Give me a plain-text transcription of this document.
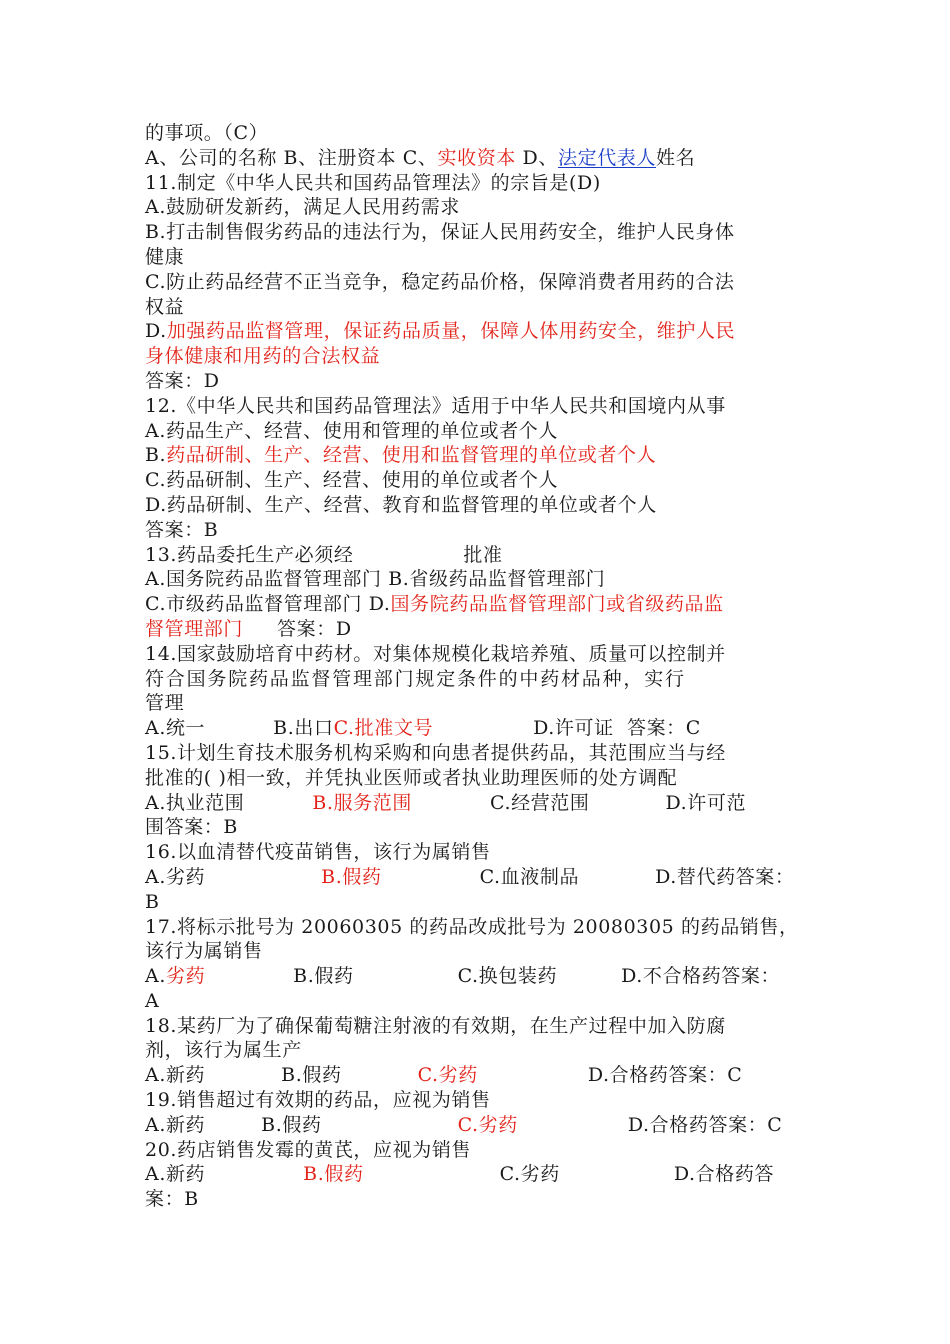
的事项。（C）
A、公司的名称 B、注册资本 C、实收资本 D、法定代表人姓名
11.制定《中华人民共和国药品管理法》的宗旨是(D)
A.鼓励研发新药，满足人民用药需求
B.打击制售假劣药品的违法行为，保证人民用药安全，维护人民身体
健康
C.防止药品经营不正当竞争，稳定药品价格，保障消费者用药的合法
权益
D.加强药品监督管理，保证药品质量，保障人体用药安全，维护人民
身体健康和用药的合法权益
答案：D
12.《中华人民共和国药品管理法》适用于中华人民共和国境内从事
A.药品生产、经营、使用和管理的单位或者个人
B.药品研制、生产、经营、使用和监督管理的单位或者个人
C.药品研制、生产、经营、使用的单位或者个人
D.药品研制、生产、经营、教育和监督管理的单位或者个人
答案：B
13.药品委托生产必须经	批准
A.国务院药品监督管理部门 B.省级药品监督管理部门
C.市级药品监督管理部门 D.国务院药品监督管理部门或省级药品监
督管理部门 答案：D
14.国家鼓励培育中药材。对集体规模化栽培养殖、质量可以控制并
符合国务院药品监督管理部门规定条件的中药材品种，实行
管理
A.统一	B.出口C.批准文号	D.许可证  答案：C
15.计划生育技术服务机构采购和向患者提供药品，其范围应当与经
批准的( )相一致，并凭执业医师或者执业助理医师的处方调配
A.执业范围	B.服务范围	C.经营范围	D.许可范
围答案：B
16.以血清替代疫苗销售，该行为属销售
A.劣药	B.假药	C.血液制品	D.替代药答案：
B
17.将标示批号为 20060305 的药品改成批号为 20080305 的药品销售，
该行为属销售
A.劣药	B.假药	C.换包装药	D.不合格药答案：
A
18.某药厂为了确保葡萄糖注射液的有效期，在生产过程中加入防腐
剂，该行为属生产
A.新药	B.假药	C.劣药	D.合格药答案：C
19.销售超过有效期的药品，应视为销售
A.新药	B.假药	C.劣药	D.合格药答案：C
20.药店销售发霉的黄芪，应视为销售
A.新药	B.假药	C.劣药	D.合格药答
案：B
